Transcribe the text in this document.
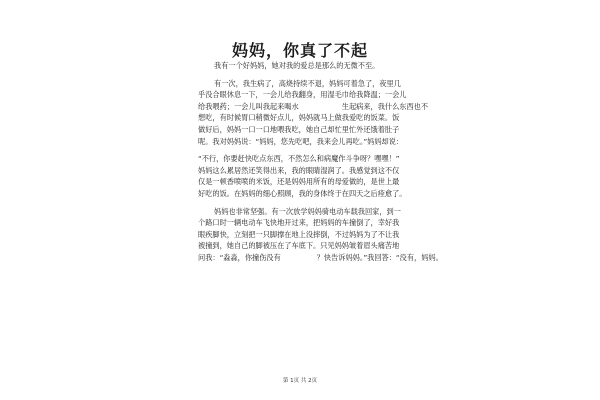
妈妈，你真了不起
我有一个好妈妈，她对我的爱总是那么的无微不至。
有一次，我生病了，高烧持续不退，妈妈可着急了，夜里几
乎没合眼休息一下，一会儿给我翻身，用湿毛巾给我降温；一会儿
给我喂药；一会儿叫我起来喝水　　　　　　生起病来，我什么东西也不
想吃，有时候胃口稍微好点儿，妈妈就马上做我爱吃的饭菜。饭
做好后，妈妈一口一口地喂我吃，她自己却忙里忙外还饿着肚子
呢。我对妈妈说：“妈妈，您先吃吧，我来会儿再吃。”妈妈却说：
“不行，你要赶快吃点东西，不然怎么和病魔作斗争呀？嘿嘿！”
妈妈这么累居然还笑得出来，我的眼睛湿润了。我感觉到这不仅
仅是一顿香喷喷的米饭，还是妈妈用所有的母爱做的，是世上最
好吃的饭。在妈妈的细心照顾，我的身体终于在四天之后痊愈了。
妈妈也非常坚强。有一次放学妈妈骑电动车载我回家，到一
个路口时一辆电动车飞快地开过来，把妈妈的车撞倒了，幸好我
眼疾脚快，立刻把一只脚撑在地上没摔倒，不过妈妈为了不让我
被撞到，她自己的脚被压在了车底下。只见妈妈皱着眉头痛苦地
问我：“淼淼，你撞伤没有　　　　　？快告诉妈妈。”我回答：“没有，妈妈。
第 1页 共 2页
